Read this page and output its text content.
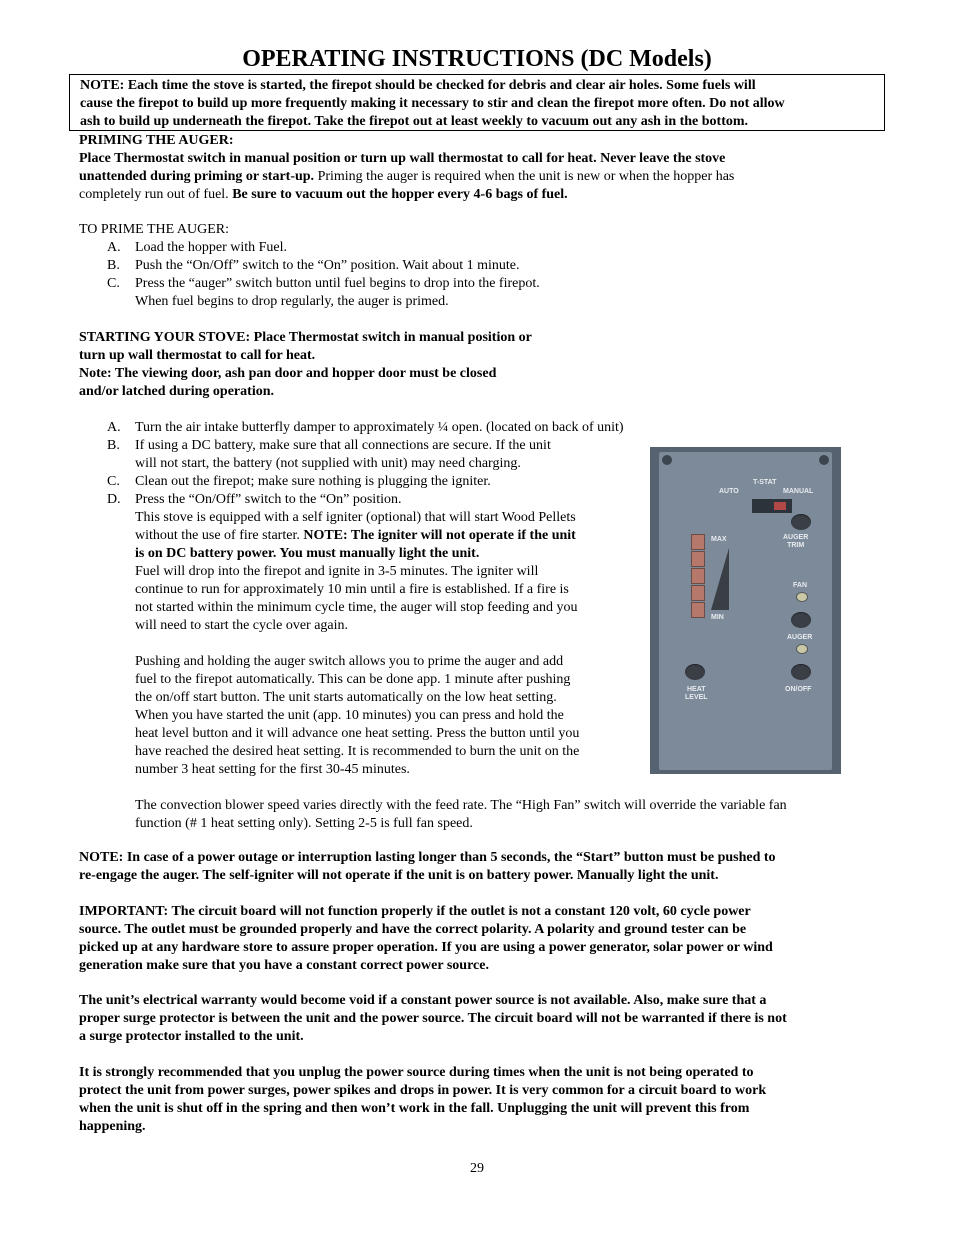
OPERATING INSTRUCTIONS (DC Models)
NOTE: Each time the stove is started, the firepot should be checked for debris and clear air holes. Some fuels will
cause the firepot to build up more frequently making it necessary to stir and clean the firepot more often. Do not allow
ash to build up underneath the firepot. Take the firepot out at least weekly to vacuum out any ash in the bottom.
PRIMING THE AUGER:
Place Thermostat switch in manual position or turn up wall thermostat to call for heat. Never leave the stove
unattended during priming or start-up. Priming the auger is required when the unit is new or when the hopper has
completely run out of fuel. Be sure to vacuum out the hopper every 4-6 bags of fuel.
TO PRIME THE AUGER:
A. Load the hopper with Fuel.
B. Push the “On/Off” switch to the “On” position. Wait about 1 minute.
C. Press the “auger” switch button until fuel begins to drop into the firepot.
When fuel begins to drop regularly, the auger is primed.
STARTING YOUR STOVE: Place Thermostat switch in manual position or
turn up wall thermostat to call for heat.
Note: The viewing door, ash pan door and hopper door must be closed
and/or latched during operation.
A. Turn the air intake butterfly damper to approximately ¼ open. (located on back of unit)
B. If using a DC battery, make sure that all connections are secure. If the unit
will not start, the battery (not supplied with unit) may need charging.
C. Clean out the firepot; make sure nothing is plugging the igniter.
D. Press the “On/Off” switch to the “On” position.
This stove is equipped with a self igniter (optional) that will start Wood Pellets
without the use of fire starter. NOTE: The igniter will not operate if the unit
is on DC battery power. You must manually light the unit.
Fuel will drop into the firepot and ignite in 3-5 minutes. The igniter will
continue to run for approximately 10 min until a fire is established. If a fire is
not started within the minimum cycle time, the auger will stop feeding and you
will need to start the cycle over again.

Pushing and holding the auger switch allows you to prime the auger and add
fuel to the firepot automatically. This can be done app. 1 minute after pushing
the on/off start button. The unit starts automatically on the low heat setting.
When you have started the unit (app. 10 minutes) you can press and hold the
heat level button and it will advance one heat setting. Press the button until you
have reached the desired heat setting. It is recommended to burn the unit on the
number 3 heat setting for the first 30-45 minutes.

The convection blower speed varies directly with the feed rate. The “High Fan” switch will override the variable fan
function (# 1 heat setting only). Setting 2-5 is full fan speed.
NOTE: In case of a power outage or interruption lasting longer than 5 seconds, the “Start” button must be pushed to
re-engage the auger. The self-igniter will not operate if the unit is on battery power. Manually light the unit.
IMPORTANT: The circuit board will not function properly if the outlet is not a constant 120 volt, 60 cycle power
source. The outlet must be grounded properly and have the correct polarity. A polarity and ground tester can be
picked up at any hardware store to assure proper operation. If you are using a power generator, solar power or wind
generation make sure that you have a constant correct power source.
The unit’s electrical warranty would become void if a constant power source is not available. Also, make sure that a
proper surge protector is between the unit and the power source. The circuit board will not be warranted if there is not
a surge protector installed to the unit.
It is strongly recommended that you unplug the power source during times when the unit is not being operated to
protect the unit from power surges, power spikes and drops in power. It is very common for a circuit board to work
when the unit is shut off in the spring and then won’t work in the fall. Unplugging the unit will prevent this from
happening.
T-STAT
AUTO	MANUAL
AUGER
TRIM
MAX
MIN
FAN
AUGER
ON/OFF
HEAT
LEVEL
29
